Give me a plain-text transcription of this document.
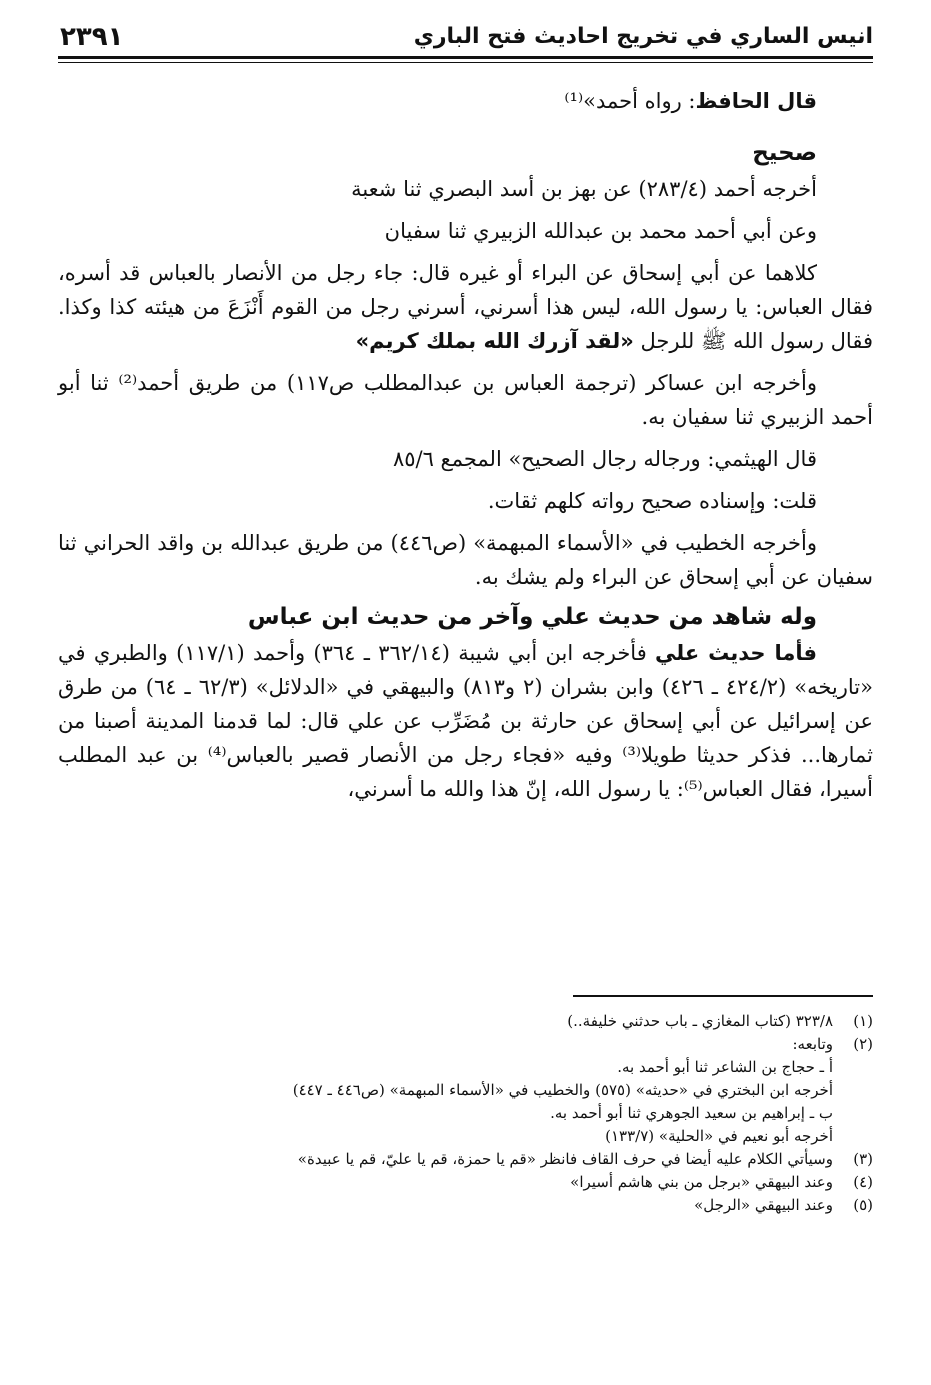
انيس الساري في تخريج احاديث فتح الباري
٢٣٩١

قال الحافظ: رواه أحمد»⁽¹⁾

صحيح

أخرجه أحمد (٢٨٣/٤) عن بهز بن أسد البصري ثنا شعبة

وعن أبي أحمد محمد بن عبدالله الزبيري ثنا سفيان

كلاهما عن أبي إسحاق عن البراء أو غيره قال: جاء رجل من الأنصار بالعباس قد أسره، فقال العباس: يا رسول الله، ليس هذا أسرني، أسرني رجل من القوم أَنْزَعَ من هيئته كذا وكذا. فقال رسول الله ﷺ للرجل «لقد آزرك الله بملك كريم»

وأخرجه ابن عساكر (ترجمة العباس بن عبدالمطلب ص١١٧) من طريق أحمد⁽²⁾ ثنا أبو أحمد الزبيري ثنا سفيان به.

قال الهيثمي: ورجاله رجال الصحيح» المجمع ٨٥/٦

قلت: وإسناده صحيح رواته كلهم ثقات.

وأخرجه الخطيب في «الأسماء المبهمة» (ص٤٤٦) من طريق عبدالله بن واقد الحراني ثنا سفيان عن أبي إسحاق عن البراء ولم يشك به.

وله شاهد من حديث علي وآخر من حديث ابن عباس

فأما حديث علي فأخرجه ابن أبي شيبة (٣٦٢/١٤ ـ ٣٦٤) وأحمد (١١٧/١) والطبري في «تاريخه» (٤٢٤/٢ ـ ٤٢٦) وابن بشران (٢ و٨١٣) والبيهقي في «الدلائل» (٦٢/٣ ـ ٦٤) من طرق عن إسرائيل عن أبي إسحاق عن حارثة بن مُضَرِّب عن علي قال: لما قدمنا المدينة أصبنا من ثمارها... فذكر حديثا طويلا⁽³⁾ وفيه «فجاء رجل من الأنصار قصير بالعباس⁽⁴⁾ بن عبد المطلب أسيرا، فقال العباس⁽⁵⁾: يا رسول الله، إنّ هذا والله ما أسرني،

(١)
٣٢٣/٨ (كتاب المغازي ـ باب حدثني خليفة..)
(٢)
وتابعه:
أ ـ حجاج بن الشاعر ثنا أبو أحمد به.
أخرجه ابن البختري في «حديثه» (٥٧٥) والخطيب في «الأسماء المبهمة» (ص٤٤٦ ـ ٤٤٧)
ب ـ إبراهيم بن سعيد الجوهري ثنا أبو أحمد به.
أخرجه أبو نعيم في «الحلية» (١٣٣/٧)
(٣)
وسيأتي الكلام عليه أيضا في حرف القاف فانظر «قم يا حمزة، قم يا عليّ، قم يا عبيدة»
(٤)
وعند البيهقي «برجل من بني هاشم أسيرا»
(٥)
وعند البيهقي «الرجل»
